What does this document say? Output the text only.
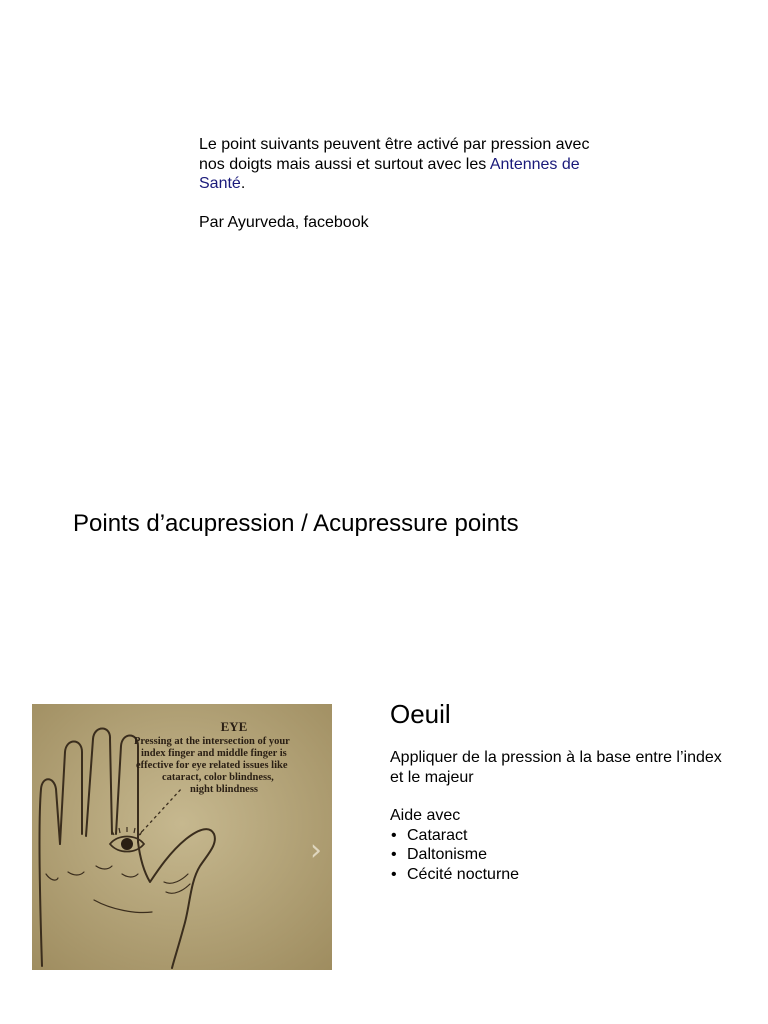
Le point suivants peuvent être activé par pression avec nos doigts mais aussi et surtout avec les Antennes de Santé.

Par Ayurveda, facebook

Points d’acupression / Acupressure points
EYE
Pressing at the intersection of your
index finger and middle finger is
effective for eye related issues like
cataract, color blindness,
night blindness
›
Oeuil

Appliquer de la pression à la base entre l’index et le majeur

Aide avec

• Cataract
• Daltonisme
• Cécité nocturne
